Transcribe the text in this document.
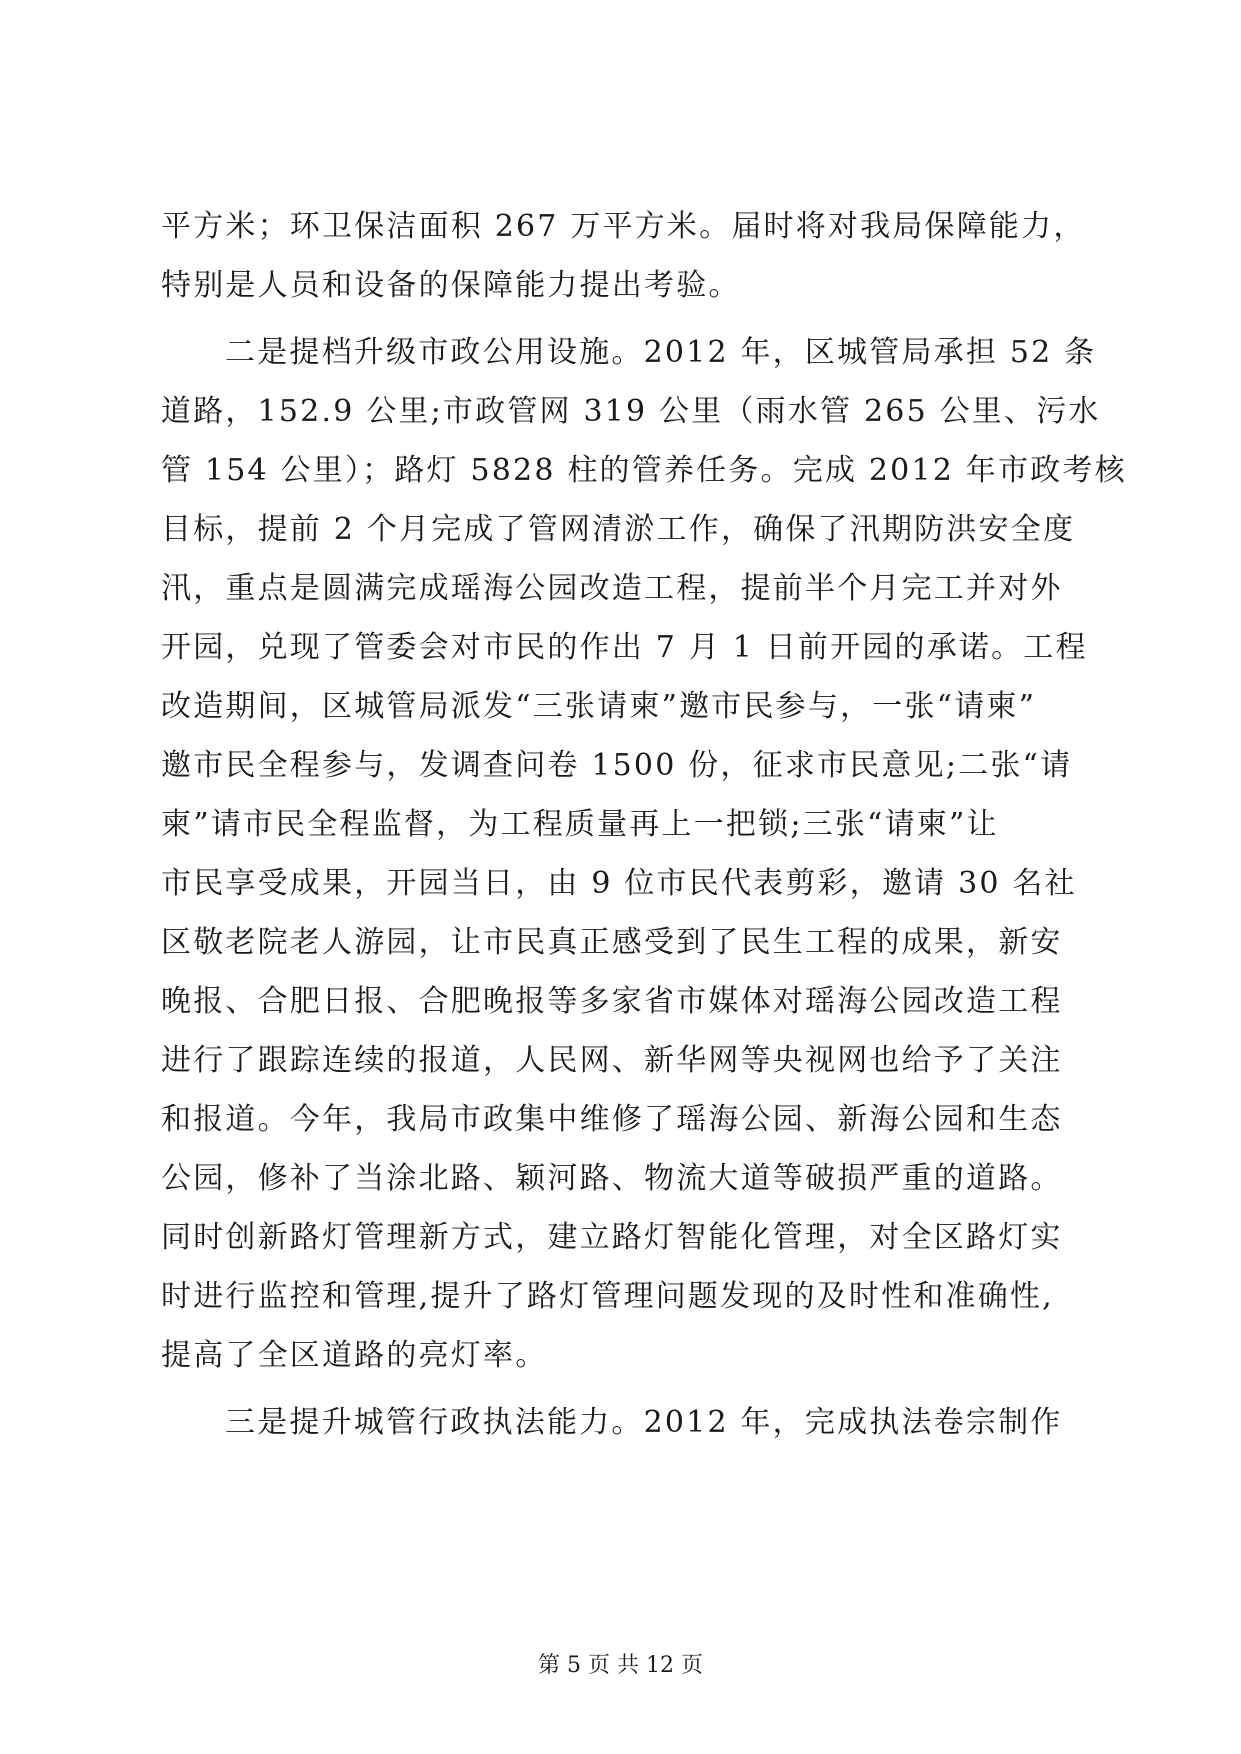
平方米；环卫保洁面积 267 万平方米。届时将对我局保障能力，
特别是人员和设备的保障能力提出考验。
二是提档升级市政公用设施。2012 年，区城管局承担 52 条
道路，152.9 公里;市政管网 319 公里（雨水管 265 公里、污水
管 154 公里）；路灯 5828 柱的管养任务。完成 2012 年市政考核
目标，提前 2 个月完成了管网清淤工作，确保了汛期防洪安全度
汛，重点是圆满完成瑶海公园改造工程，提前半个月完工并对外
开园，兑现了管委会对市民的作出 7 月 1 日前开园的承诺。工程
改造期间，区城管局派发“三张请柬”邀市民参与，一张“请柬”
邀市民全程参与，发调查问卷 1500 份，征求市民意见;二张“请
柬”请市民全程监督，为工程质量再上一把锁;三张“请柬”让
市民享受成果，开园当日，由 9 位市民代表剪彩，邀请 30 名社
区敬老院老人游园，让市民真正感受到了民生工程的成果，新安
晚报、合肥日报、合肥晚报等多家省市媒体对瑶海公园改造工程
进行了跟踪连续的报道，人民网、新华网等央视网也给予了关注
和报道。今年，我局市政集中维修了瑶海公园、新海公园和生态
公园，修补了当涂北路、颖河路、物流大道等破损严重的道路。
同时创新路灯管理新方式，建立路灯智能化管理，对全区路灯实
时进行监控和管理,提升了路灯管理问题发现的及时性和准确性,
提高了全区道路的亮灯率。
三是提升城管行政执法能力。2012 年，完成执法卷宗制作
第 5 页 共 12 页
